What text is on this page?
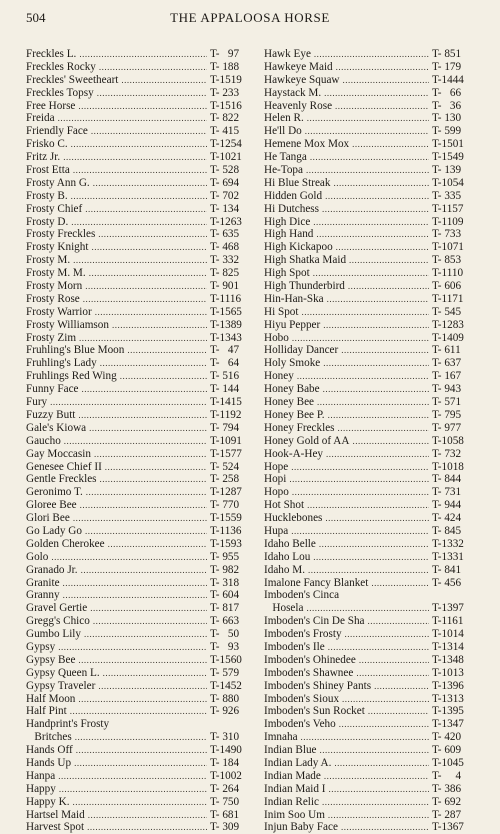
504	THE APPALOOSA HORSE
Freckles L. .....	T-   97
Freckles Rocky .....	T- 188
Freckles' Sweetheart .....	T-1519
Freckles Topsy .....	T- 233
Free Horse .....	T-1516
Freida .....	T- 822
Friendly Face .....	T- 415
Frisko C. .....	T-1254
Fritz Jr. .....	T-1021
Frost Etta .....	T- 528
Frosty Ann G. .....	T- 694
Frosty B. .....	T- 702
Frosty Chief .....	T- 134
Frosty D. .....	T-1263
Frosty Freckles .....	T- 635
Frosty Knight .....	T- 468
Frosty M. .....	T- 332
Frosty M. M. .....	T- 825
Frosty Morn .....	T- 901
Frosty Rose .....	T-1116
Frosty Warrior .....	T-1565
Frosty Williamson .....	T-1389
Frosty Zim .....	T-1343
Fruhling's Blue Moon .....	T-   47
Fruhling's Lady .....	T-   64
Fruhlings Red Wing .....	T- 516
Funny Face .....	T- 144
Fury .....	T-1415
Fuzzy Butt .....	T-1192
Gale's Kiowa .....	T- 794
Gaucho .....	T-1091
Gay Moccasin .....	T-1577
Genesee Chief II .....	T- 524
Gentle Freckles .....	T- 258
Geronimo T. .....	T-1287
Gloree Bee .....	T- 770
Glori Bee .....	T-1559
Go Lady Go .....	T-1136
Golden Cherokee .....	T-1593
Golo .....	T- 955
Granado Jr. .....	T- 982
Granite .....	T- 318
Granny .....	T- 604
Gravel Gertie .....	T- 817
Gregg's Chico .....	T- 663
Gumbo Lily .....	T-   50
Gypsy .....	T-   93
Gypsy Bee .....	T-1560
Gypsy Queen L. .....	T- 579
Gypsy Traveler .....	T-1452
Half Moon .....	T- 880
Half Pint .....	T- 926
Handprint's Frosty
Britches .....	T- 310
Hands Off .....	T-1490
Hands Up .....	T- 184
Hanpa .....	T-1002
Happy .....	T- 264
Happy K. .....	T- 750
Hartsel Maid .....	T- 681
Harvest Spot .....	T- 309
Hawk Eye .....	T- 851
Hawkeye Maid .....	T- 179
Hawkeye Squaw .....	T-1444
Haystack M. .....	T-   66
Heavenly Rose .....	T-   36
Helen R. .....	T- 130
He'll Do .....	T- 599
Hemene Mox Mox .....	T-1501
He Tanga .....	T-1549
He-Topa .....	T- 139
Hi Blue Streak .....	T-1054
Hidden Gold .....	T- 335
Hi Dutchess .....	T-1157
High Dice .....	T-1109
High Hand .....	T- 733
High Kickapoo .....	T-1071
High Shatka Maid .....	T- 853
High Spot .....	T-1110
High Thunderbird .....	T- 606
Hin-Han-Ska .....	T-1171
Hi Spot .....	T- 545
Hiyu Pepper .....	T-1283
Hobo .....	T-1409
Holliday Dancer .....	T- 611
Holy Smoke .....	T- 637
Honey .....	T- 167
Honey Babe .....	T- 943
Honey Bee .....	T- 571
Honey Bee P. .....	T- 795
Honey Freckles .....	T- 977
Honey Gold of AA .....	T-1058
Hook-A-Hey .....	T- 732
Hope .....	T-1018
Hopi .....	T- 844
Hopo .....	T- 731
Hot Shot .....	T- 944
Hucklebones .....	T- 424
Hupa .....	T- 845
Idaho Belle .....	T-1332
Idaho Lou .....	T-1331
Idaho M. .....	T- 841
Imalone Fancy Blanket .....	T- 456
Imboden's Cinca
Hosela .....	T-1397
Imboden's Cin De Sha .....	T-1161
Imboden's Frosty .....	T-1014
Imboden's Ile .....	T-1314
Imboden's Ohinedee .....	T-1348
Imboden's Shawnee .....	T-1013
Imboden's Shiney Pants .....	T-1396
Imboden's Sioux .....	T-1313
Imboden's Sun Rocket .....	T-1395
Imboden's Veho .....	T-1347
Imnaha .....	T- 420
Indian Blue .....	T- 609
Indian Lady A. .....	T-1045
Indian Made .....	T-     4
Indian Maid I .....	T- 386
Indian Relic .....	T- 692
Inim Soo Um .....	T- 287
Injun Baby Face .....	T-1367
